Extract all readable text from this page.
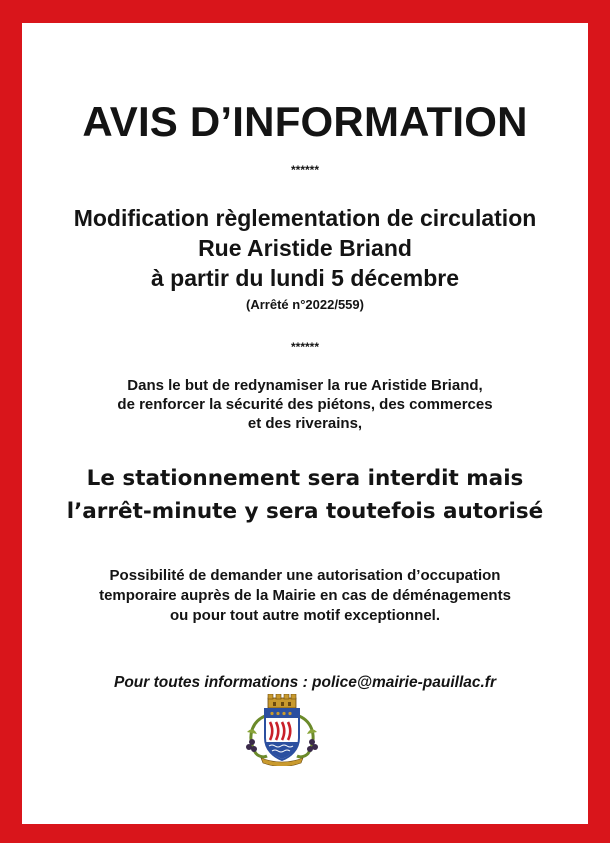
AVIS D’INFORMATION
******
Modification règlementation de circulation
Rue Aristide Briand
à partir du lundi 5 décembre
(Arrêté n°2022/559)
******
Dans le but de redynamiser la rue Aristide Briand,
de renforcer la sécurité des piétons, des commerces
et des riverains,
Le stationnement sera interdit mais
l’arrêt-minute y sera toutefois autorisé
Possibilité de demander une autorisation d’occupation
temporaire auprès de la Mairie en cas de déménagements
ou pour tout autre motif exceptionnel.
Pour toutes informations : police@mairie-pauillac.fr
